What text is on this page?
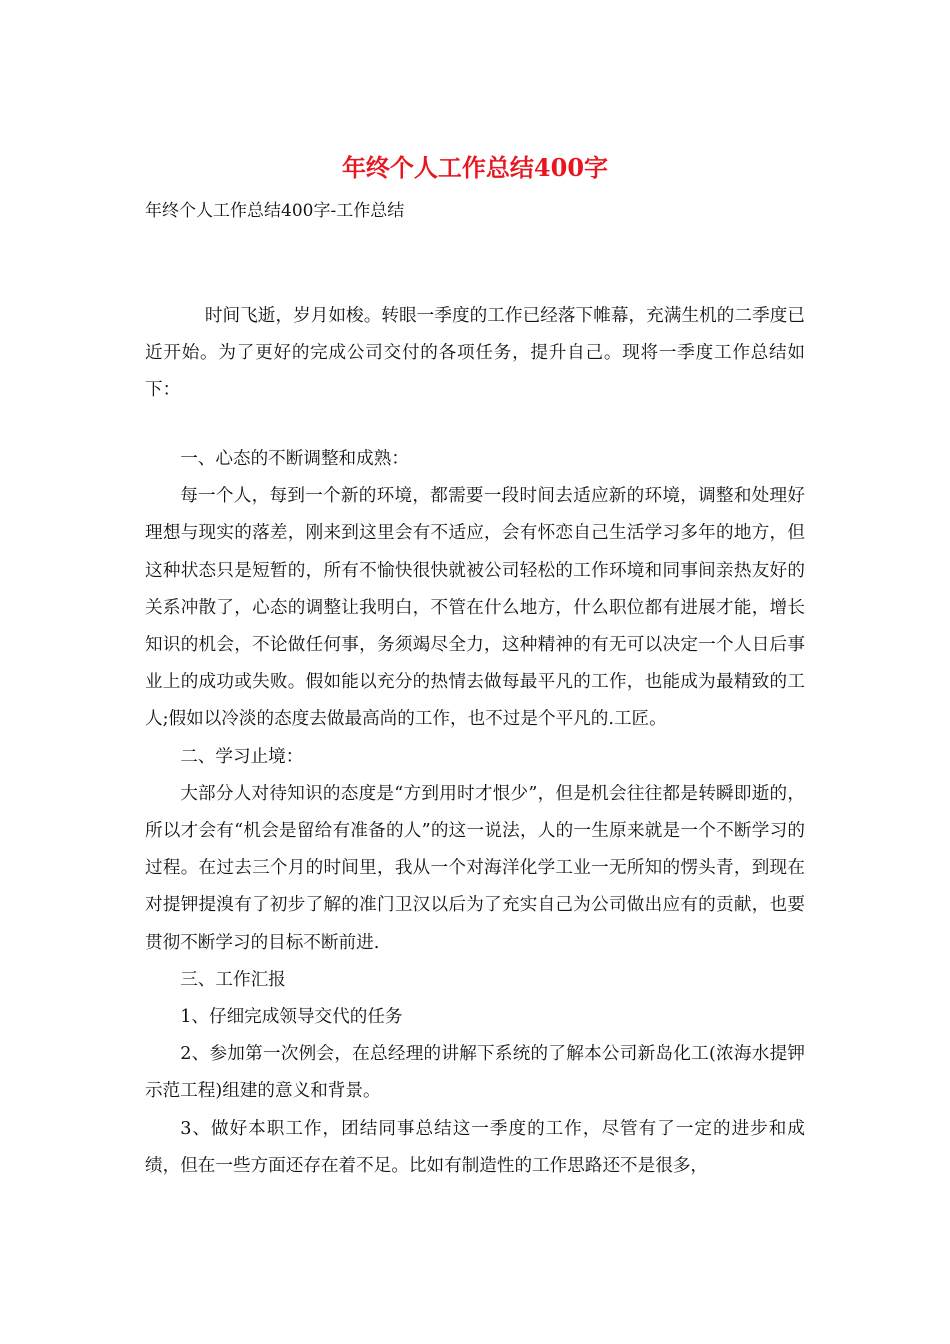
年终个人工作总结400字
年终个人工作总结400字-工作总结

时间飞逝，岁月如梭。转眼一季度的工作已经落下帷幕，充满生机的二季度已近开始。为了更好的完成公司交付的各项任务，提升自己。现将一季度工作总结如下：

一、心态的不断调整和成熟：

每一个人，每到一个新的环境，都需要一段时间去适应新的环境，调整和处理好理想与现实的落差，刚来到这里会有不适应，会有怀恋自己生活学习多年的地方，但这种状态只是短暂的，所有不愉快很快就被公司轻松的工作环境和同事间亲热友好的关系冲散了，心态的调整让我明白，不管在什么地方，什么职位都有进展才能，增长知识的机会，不论做任何事，务须竭尽全力，这种精神的有无可以决定一个人日后事业上的成功或失败。假如能以充分的热情去做每最平凡的工作，也能成为最精致的工人;假如以冷淡的态度去做最高尚的工作，也不过是个平凡的.工匠。

二、学习止境：

大部分人对待知识的态度是“方到用时才恨少”，但是机会往往都是转瞬即逝的，所以才会有“机会是留给有准备的人”的这一说法，人的一生原来就是一个不断学习的过程。在过去三个月的时间里，我从一个对海洋化学工业一无所知的愣头青，到现在对提钾提溴有了初步了解的准门卫汉以后为了充实自己为公司做出应有的贡献，也要贯彻不断学习的目标不断前进.

三、工作汇报

1、仔细完成领导交代的任务

2、参加第一次例会，在总经理的讲解下系统的了解本公司新岛化工(浓海水提钾示范工程)组建的意义和背景。

3、做好本职工作，团结同事总结这一季度的工作，尽管有了一定的进步和成绩，但在一些方面还存在着不足。比如有制造性的工作思路还不是很多，
